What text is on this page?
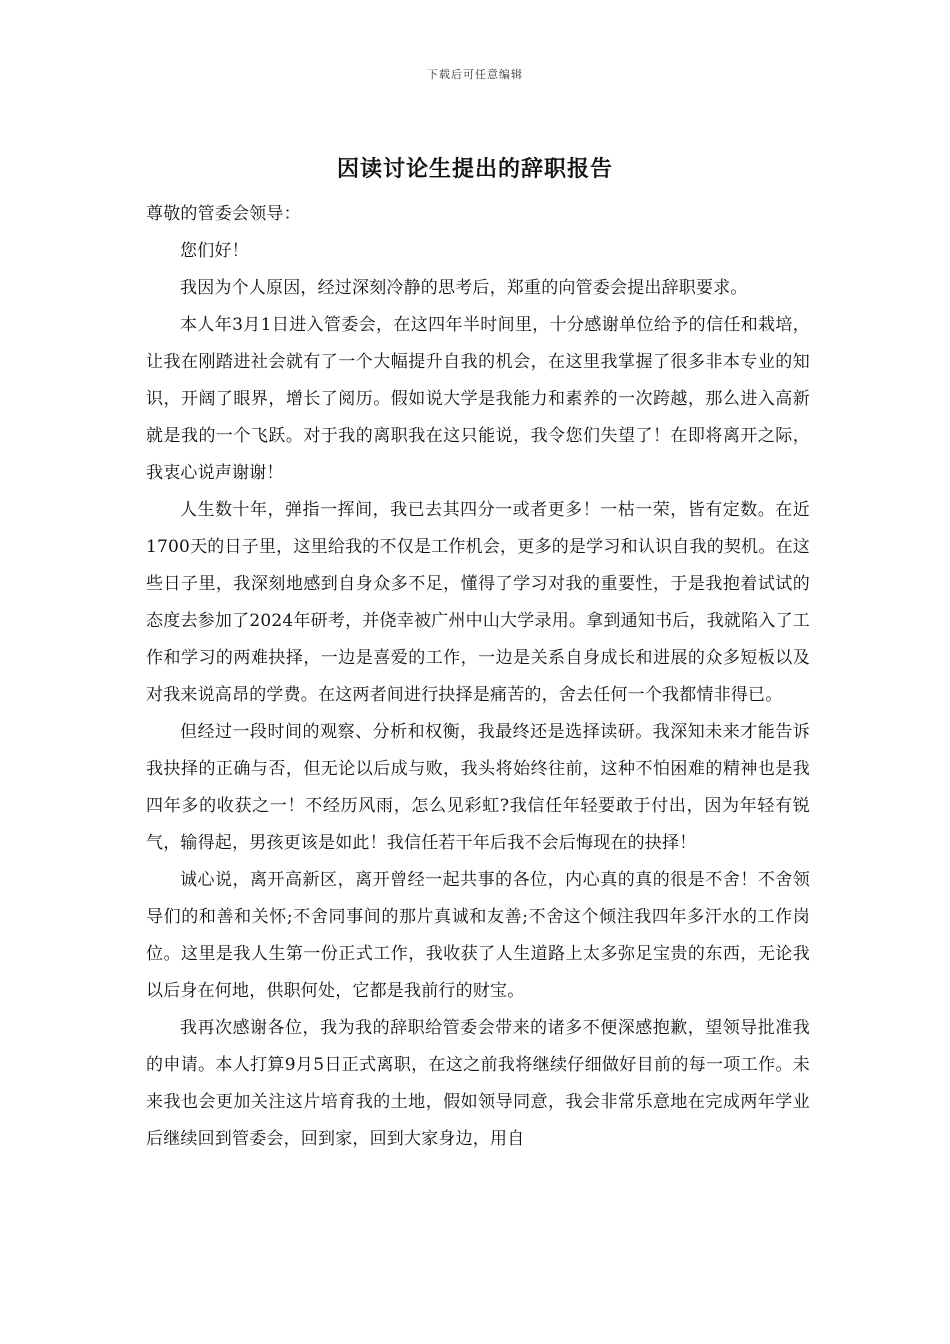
下载后可任意编辑
因读讨论生提出的辞职报告

尊敬的管委会领导：

您们好！

我因为个人原因，经过深刻冷静的思考后，郑重的向管委会提出辞职要求。

本人年3月1日进入管委会，在这四年半时间里，十分感谢单位给予的信任和栽培，让我在刚踏进社会就有了一个大幅提升自我的机会，在这里我掌握了很多非本专业的知识，开阔了眼界，增长了阅历。假如说大学是我能力和素养的一次跨越，那么进入高新就是我的一个飞跃。对于我的离职我在这只能说，我令您们失望了！在即将离开之际，我衷心说声谢谢！

人生数十年，弹指一挥间，我已去其四分一或者更多！一枯一荣，皆有定数。在近1700天的日子里，这里给我的不仅是工作机会，更多的是学习和认识自我的契机。在这些日子里，我深刻地感到自身众多不足，懂得了学习对我的重要性，于是我抱着试试的态度去参加了2024年研考，并侥幸被广州中山大学录用。拿到通知书后，我就陷入了工作和学习的两难抉择，一边是喜爱的工作，一边是关系自身成长和进展的众多短板以及对我来说高昂的学费。在这两者间进行抉择是痛苦的，舍去任何一个我都情非得已。

但经过一段时间的观察、分析和权衡，我最终还是选择读研。我深知未来才能告诉我抉择的正确与否，但无论以后成与败，我头将始终往前，这种不怕困难的精神也是我四年多的收获之一！不经历风雨，怎么见彩虹?我信任年轻要敢于付出，因为年轻有锐气，输得起，男孩更该是如此！我信任若干年后我不会后悔现在的抉择！

诚心说，离开高新区，离开曾经一起共事的各位，内心真的真的很是不舍！不舍领导们的和善和关怀;不舍同事间的那片真诚和友善;不舍这个倾注我四年多汗水的工作岗位。这里是我人生第一份正式工作，我收获了人生道路上太多弥足宝贵的东西，无论我以后身在何地，供职何处，它都是我前行的财宝。

我再次感谢各位，我为我的辞职给管委会带来的诸多不便深感抱歉，望领导批准我的申请。本人打算9月5日正式离职，在这之前我将继续仔细做好目前的每一项工作。未来我也会更加关注这片培育我的土地，假如领导同意，我会非常乐意地在完成两年学业后继续回到管委会，回到家，回到大家身边，用自
